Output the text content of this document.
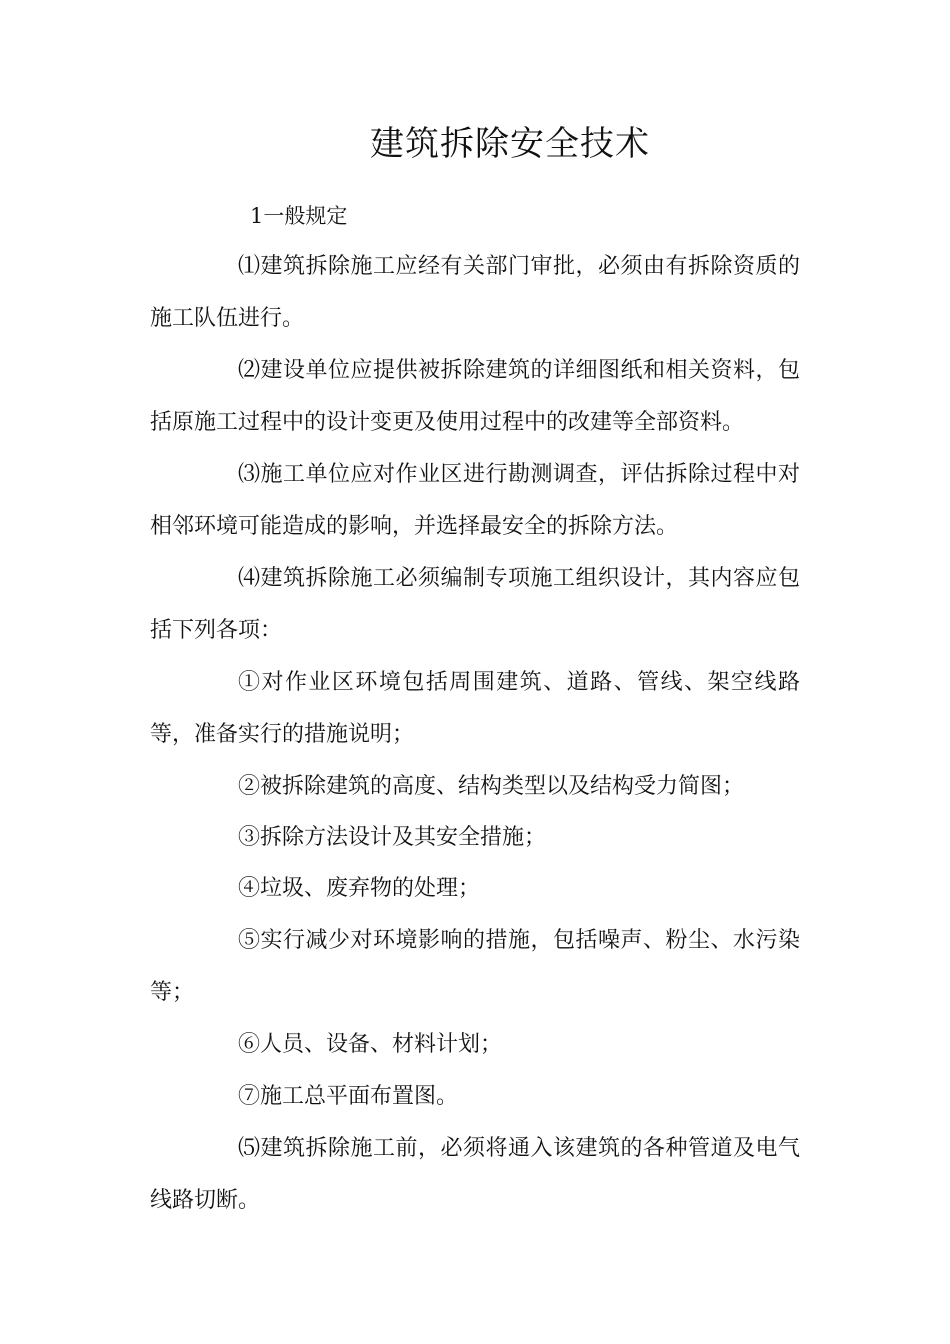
建筑拆除安全技术

1一般规定

⑴建筑拆除施工应经有关部门审批，必须由有拆除资质的施工队伍进行。

⑵建设单位应提供被拆除建筑的详细图纸和相关资料，包括原施工过程中的设计变更及使用过程中的改建等全部资料。

⑶施工单位应对作业区进行勘测调查，评估拆除过程中对相邻环境可能造成的影响，并选择最安全的拆除方法。

⑷建筑拆除施工必须编制专项施工组织设计，其内容应包括下列各项：

①对作业区环境包括周围建筑、道路、管线、架空线路等，准备实行的措施说明；

②被拆除建筑的高度、结构类型以及结构受力简图；

③拆除方法设计及其安全措施；

④垃圾、废弃物的处理；

⑤实行减少对环境影响的措施，包括噪声、粉尘、水污染等；

⑥人员、设备、材料计划；

⑦施工总平面布置图。

⑸建筑拆除施工前，必须将通入该建筑的各种管道及电气线路切断。
